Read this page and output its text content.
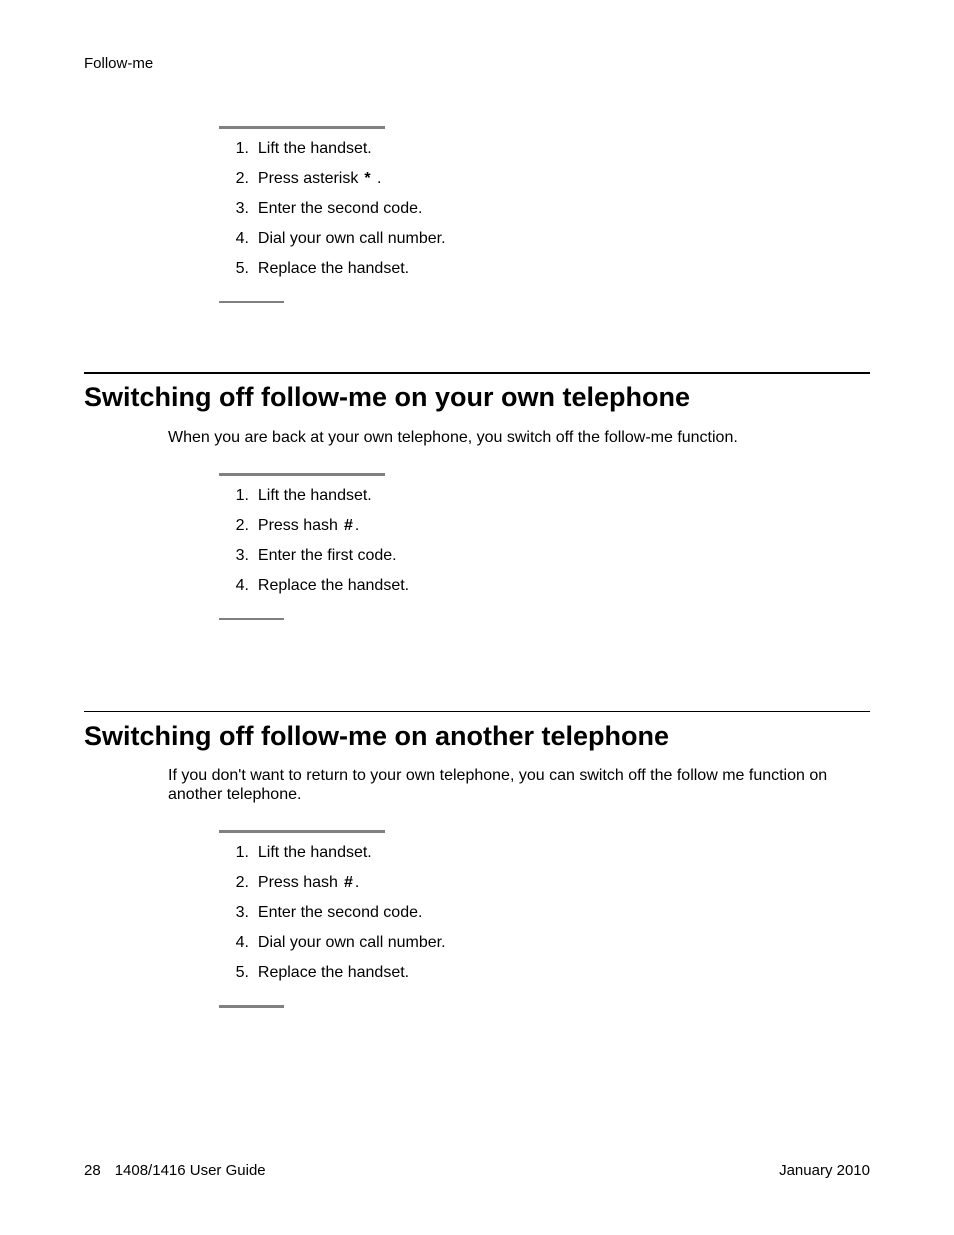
Follow-me
1.
Lift the handset.
2.
Press asterisk *
.
3.
Enter the second code.
4.
Dial your own call number.
5.
Replace the handset.
Switching off follow-me on your own telephone

When you are back at your own telephone, you switch off the follow-me function.

1.
Lift the handset.
2.
Press hash # .
3.
Enter the first code.
4.
Replace the handset.
Switching off follow-me on another telephone

If you don't want to return to your own telephone, you can switch off the follow me function on another telephone.

1.
Lift the handset.
2.
Press hash # .
3.
Enter the second code.
4.
Dial your own call number.
5.
Replace the handset.
28 1408/1416 User Guide	January 2010
